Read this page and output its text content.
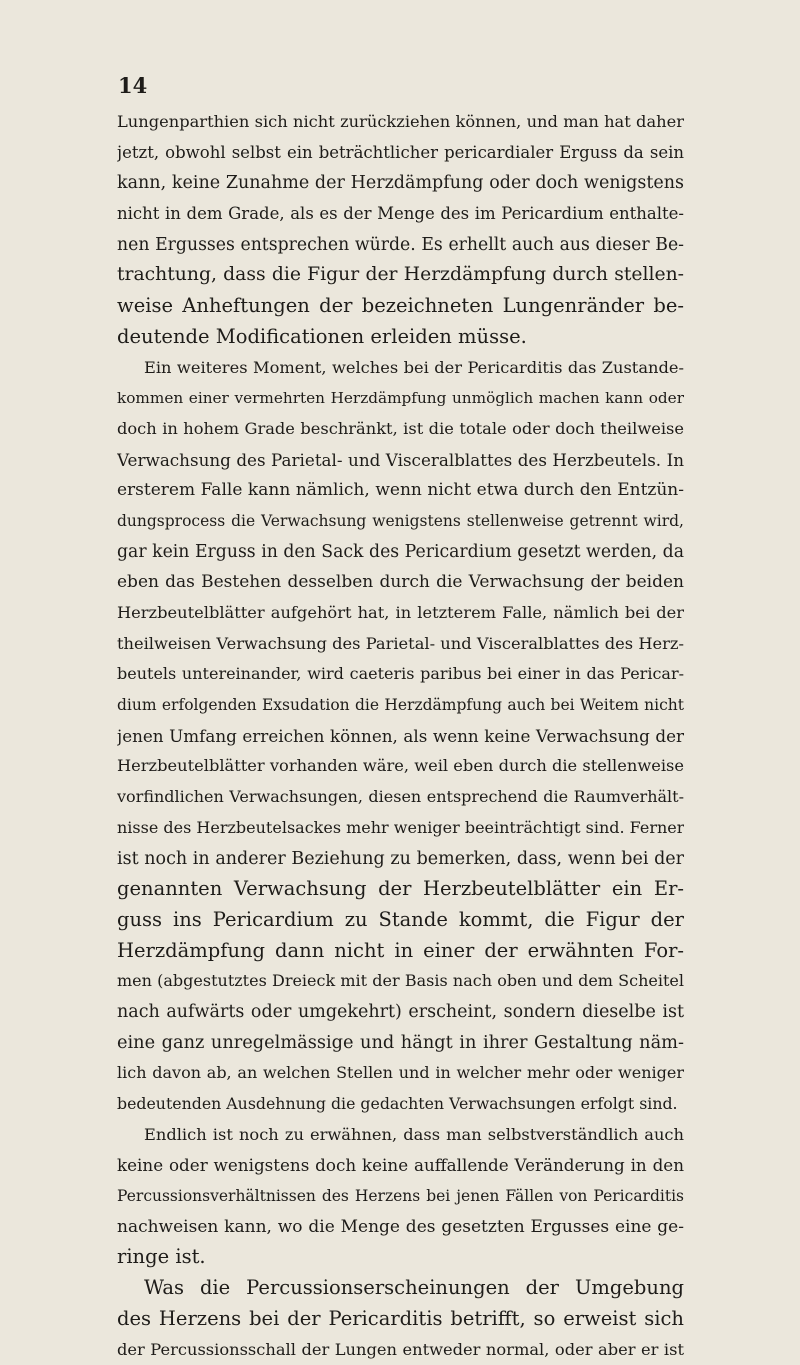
14
Lungenparthien sich nicht zurückziehen können, und man hat daher
jetzt, obwohl selbst ein beträchtlicher pericardialer Erguss da sein
kann, keine Zunahme der Herzdämpfung oder doch wenigstens
nicht in dem Grade, als es der Menge des im Pericardium enthalte-
nen Ergusses entsprechen würde. Es erhellt auch aus dieser Be-
trachtung, dass die Figur der Herzdämpfung durch stellen-
weise Anheftungen der bezeichneten Lungenränder be-
deutende Modificationen erleiden müsse.
Ein weiteres Moment, welches bei der Pericarditis das Zustande-
kommen einer vermehrten Herzdämpfung unmöglich machen kann oder
doch in hohem Grade beschränkt, ist die totale oder doch theilweise
Verwachsung des Parietal- und Visceralblattes des Herzbeutels. In
ersterem Falle kann nämlich, wenn nicht etwa durch den Entzün-
dungsprocess die Verwachsung wenigstens stellenweise getrennt wird,
gar kein Erguss in den Sack des Pericardium gesetzt werden, da
eben das Bestehen desselben durch die Verwachsung der beiden
Herzbeutelblätter aufgehört hat, in letzterem Falle, nämlich bei der
theilweisen Verwachsung des Parietal- und Visceralblattes des Herz-
beutels untereinander, wird caeteris paribus bei einer in das Pericar-
dium erfolgenden Exsudation die Herzdämpfung auch bei Weitem nicht
jenen Umfang erreichen können, als wenn keine Verwachsung der
Herzbeutelblätter vorhanden wäre, weil eben durch die stellenweise
vorfindlichen Verwachsungen, diesen entsprechend die Raumverhält-
nisse des Herzbeutelsackes mehr weniger beeinträchtigt sind. Ferner
ist noch in anderer Beziehung zu bemerken, dass, wenn bei der
genannten Verwachsung der Herzbeutelblätter ein Er-
guss ins Pericardium zu Stande kommt, die Figur der
Herzdämpfung dann nicht in einer der erwähnten For-
men (abgestutztes Dreieck mit der Basis nach oben und dem Scheitel
nach aufwärts oder umgekehrt) erscheint, sondern dieselbe ist
eine ganz unregelmässige und hängt in ihrer Gestaltung näm-
lich davon ab, an welchen Stellen und in welcher mehr oder weniger
bedeutenden Ausdehnung die gedachten Verwachsungen erfolgt sind.
Endlich ist noch zu erwähnen, dass man selbstverständlich auch
keine oder wenigstens doch keine auffallende Veränderung in den
Percussionsverhältnissen des Herzens bei jenen Fällen von Pericarditis
nachweisen kann, wo die Menge des gesetzten Ergusses eine ge-
ringe ist.
Was die Percussionserscheinungen der Umgebung
des Herzens bei der Pericarditis betrifft, so erweist sich
der Percussionsschall der Lungen entweder normal, oder aber er ist
